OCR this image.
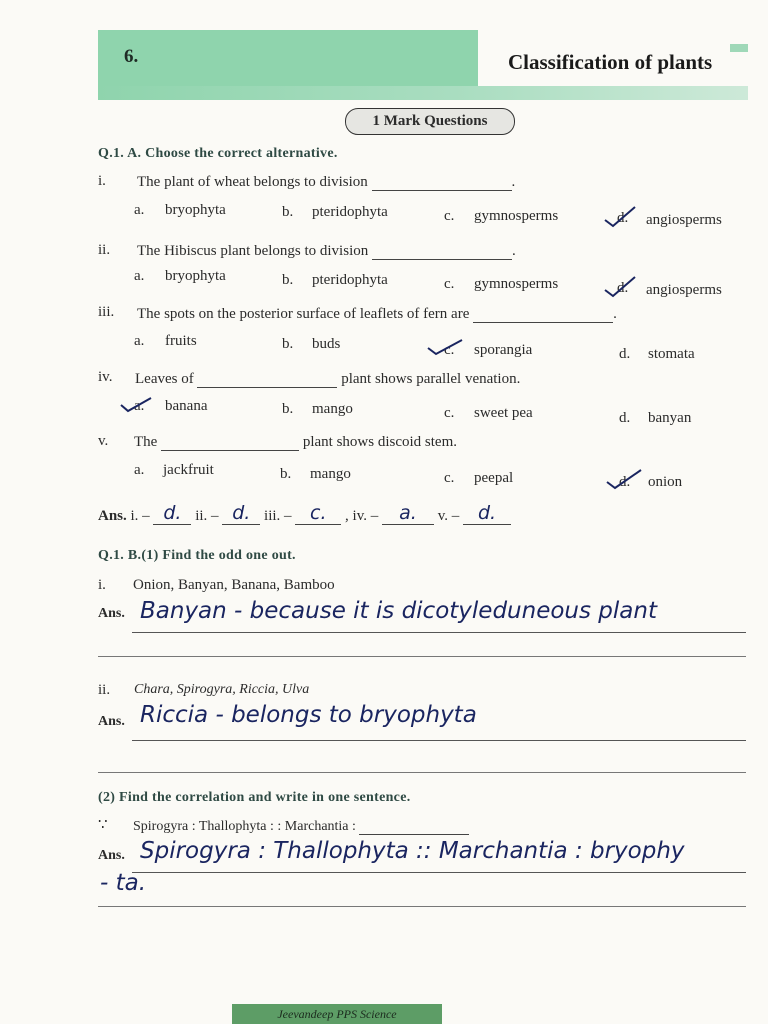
6.	Classification of plants
1 Mark Questions
Q.1. A. Choose the correct alternative.
i. The plant of wheat belongs to division	.
a. bryophyta	b. pteridophyta	c. gymnosperms	d. angiosperms
ii. The Hibiscus plant belongs to division	.
a. bryophyta	b. pteridophyta	c. gymnosperms	d. angiosperms
iii. The spots on the posterior surface of leaflets of fern are	.
a. fruits	b. buds	c. sporangia	d. stomata
iv. Leaves of	plant shows parallel venation.
a. banana	b. mango	c. sweet pea	d. banyan
v. The	plant shows discoid stem.
a. jackfruit	b. mango	c. peepal	d. onion
Ans. i. – d. ii. – d. iii. – c. , iv. – a. v. – d.
Q.1. B.(1) Find the odd one out.
i. Onion, Banyan, Banana, Bamboo
Ans. Banyan - because it is dicotyleduneous plant
ii. Chara, Spirogyra, Riccia, Ulva
Ans. Riccia - belongs to bryophyta
(2) Find the correlation and write in one sentence.
∵ Spirogyra : Thallophyta : : Marchantia :
Ans. Spirogyra : Thallophyta :: Marchantia : bryophy
- ta.
Jeevandeep PPS Science
